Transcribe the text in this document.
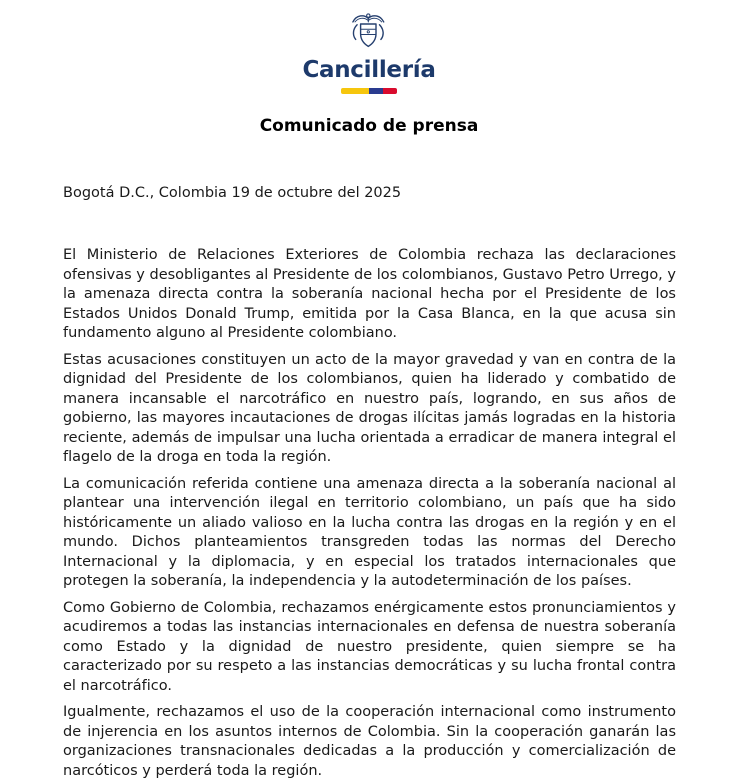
Cancillería
Comunicado de prensa

Bogotá D.C., Colombia 19 de octubre del 2025

El Ministerio de Relaciones Exteriores de Colombia rechaza las declaraciones ofensivas y desobligantes al Presidente de los colombianos, Gustavo Petro Urrego, y la amenaza directa contra la soberanía nacional hecha por el Presidente de los Estados Unidos Donald Trump, emitida por la Casa Blanca, en la que acusa sin fundamento alguno al Presidente colombiano.

Estas acusaciones constituyen un acto de la mayor gravedad y van en contra de la dignidad del Presidente de los colombianos, quien ha liderado y combatido de manera incansable el narcotráfico en nuestro país, logrando, en sus años de gobierno, las mayores incautaciones de drogas ilícitas jamás logradas en la historia reciente, además de impulsar una lucha orientada a erradicar de manera integral el flagelo de la droga en toda la región.

La comunicación referida contiene una amenaza directa a la soberanía nacional al plantear una intervención ilegal en territorio colombiano, un país que ha sido históricamente un aliado valioso en la lucha contra las drogas en la región y en el mundo. Dichos planteamientos transgreden todas las normas del Derecho Internacional y la diplomacia, y en especial los tratados internacionales que protegen la soberanía, la independencia y la autodeterminación de los países.

Como Gobierno de Colombia, rechazamos enérgicamente estos pronunciamientos y acudiremos a todas las instancias internacionales en defensa de nuestra soberanía como Estado y la dignidad de nuestro presidente, quien siempre se ha caracterizado por su respeto a las instancias democráticas y su lucha frontal contra el narcotráfico.

Igualmente, rechazamos el uso de la cooperación internacional como instrumento de injerencia en los asuntos internos de Colombia. Sin la cooperación ganarán las organizaciones transnacionales dedicadas a la producción y comercialización de narcóticos y perderá toda la región.
